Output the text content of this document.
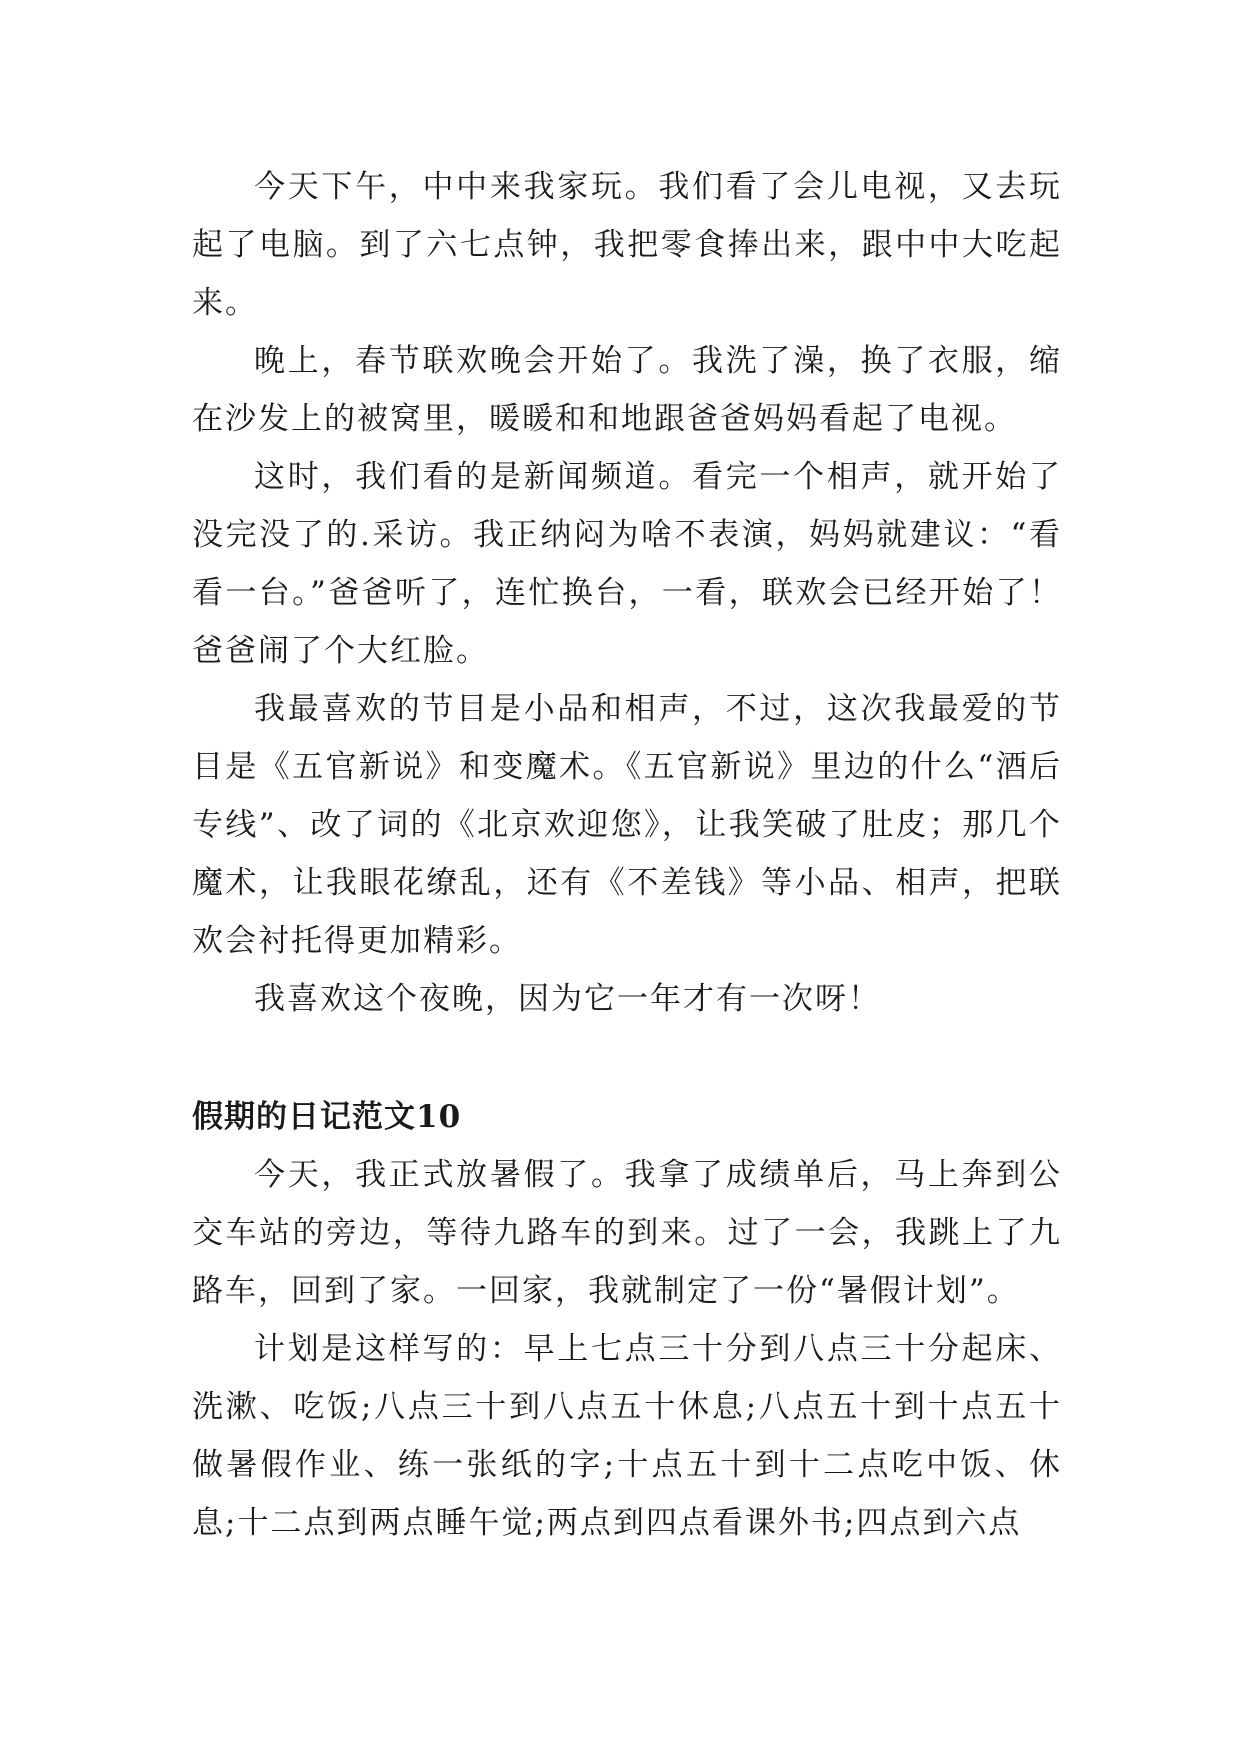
今天下午，中中来我家玩。我们看了会儿电视，又去玩起了电脑。到了六七点钟，我把零食捧出来，跟中中大吃起来。

晚上，春节联欢晚会开始了。我洗了澡，换了衣服，缩在沙发上的被窝里，暖暖和和地跟爸爸妈妈看起了电视。

这时，我们看的是新闻频道。看完一个相声，就开始了没完没了的.采访。我正纳闷为啥不表演，妈妈就建议：“看看一台。”爸爸听了，连忙换台，一看，联欢会已经开始了！爸爸闹了个大红脸。

我最喜欢的节目是小品和相声，不过，这次我最爱的节目是《五官新说》和变魔术。《五官新说》里边的什么“酒后专线”、改了词的《北京欢迎您》，让我笑破了肚皮；那几个魔术，让我眼花缭乱，还有《不差钱》等小品、相声，把联欢会衬托得更加精彩。

我喜欢这个夜晚，因为它一年才有一次呀！

假期的日记范文10

今天，我正式放暑假了。我拿了成绩单后，马上奔到公交车站的旁边，等待九路车的到来。过了一会，我跳上了九路车，回到了家。一回家，我就制定了一份“暑假计划”。

计划是这样写的：早上七点三十分到八点三十分起床、洗漱、吃饭;八点三十到八点五十休息;八点五十到十点五十做暑假作业、练一张纸的字;十点五十到十二点吃中饭、休息;十二点到两点睡午觉;两点到四点看课外书;四点到六点
